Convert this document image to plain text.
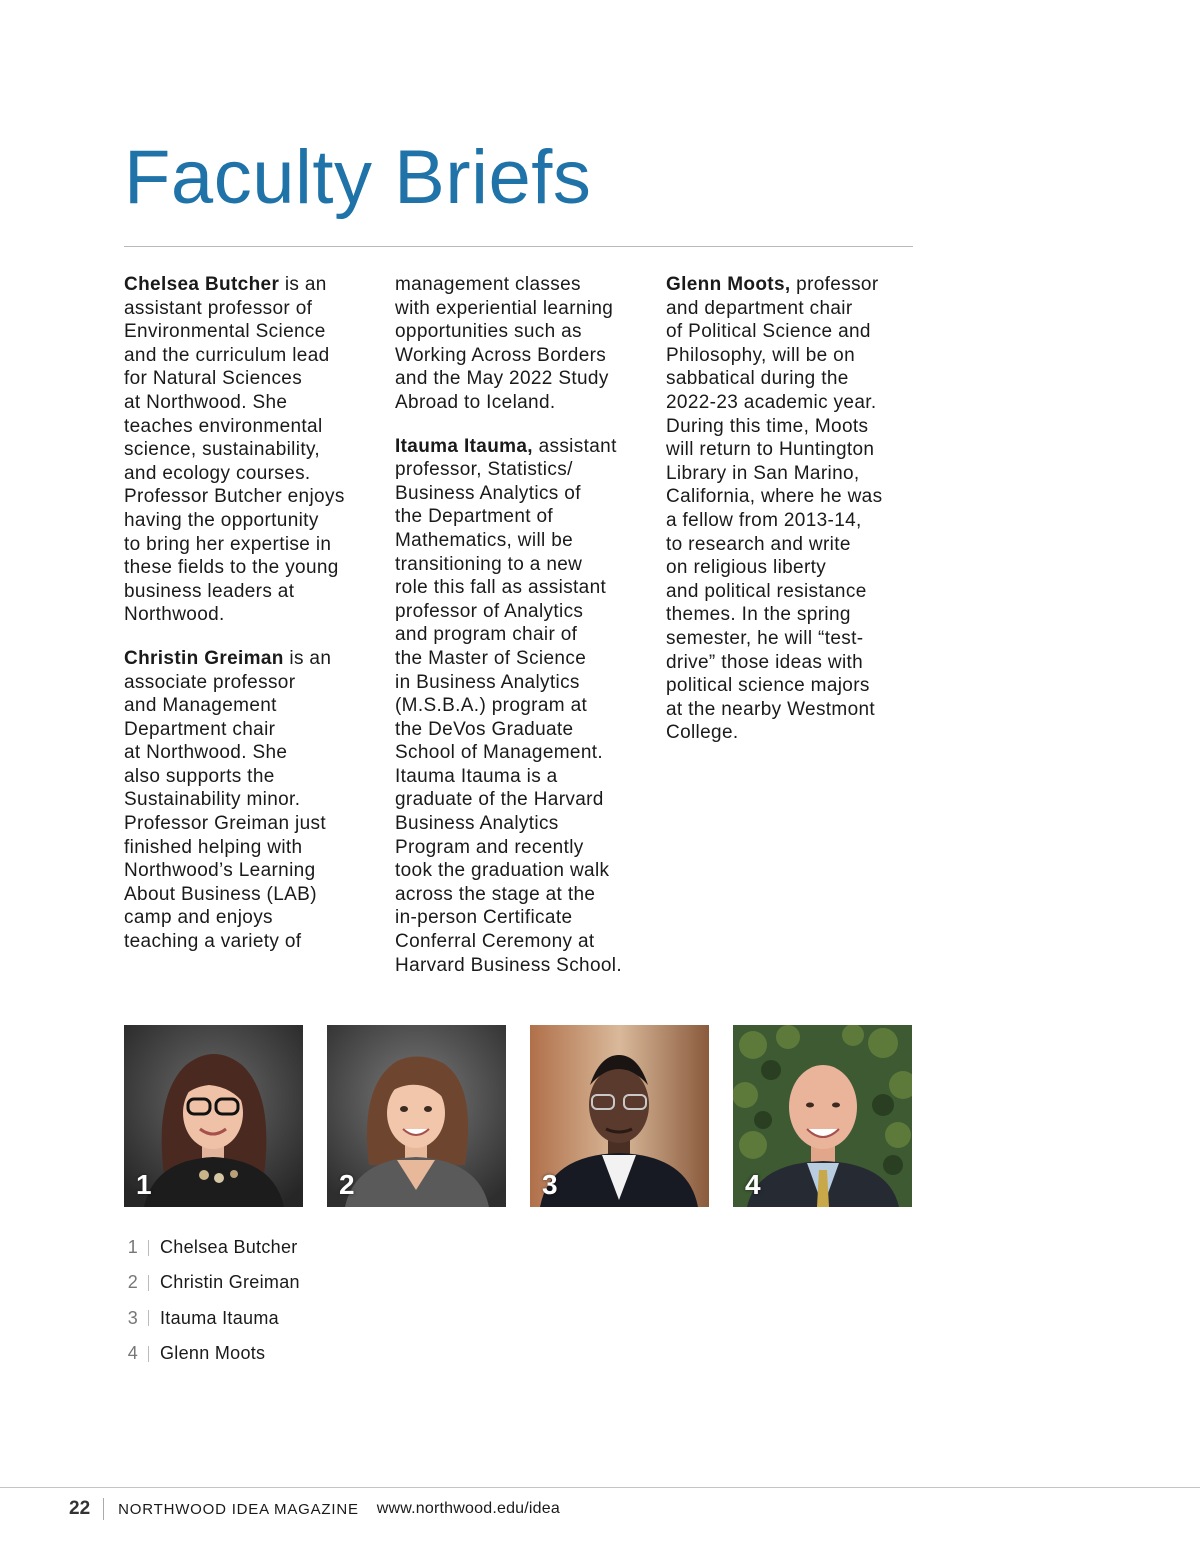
Faculty Briefs

Chelsea Butcher is an
assistant professor of
Environmental Science
and the curriculum lead
for Natural Sciences
at Northwood. She
teaches environmental
science, sustainability,
and ecology courses.
Professor Butcher enjoys
having the opportunity
to bring her expertise in
these fields to the young
business leaders at
Northwood.

Christin Greiman is an
associate professor
and Management
Department chair
at Northwood. She
also supports the
Sustainability minor.
Professor Greiman just
finished helping with
Northwood’s Learning
About Business (LAB)
camp and enjoys
teaching a variety of

management classes
with experiential learning
opportunities such as
Working Across Borders
and the May 2022 Study
Abroad to Iceland.

Itauma Itauma, assistant
professor, Statistics/
Business Analytics of
the Department of
Mathematics, will be
transitioning to a new
role this fall as assistant
professor of Analytics
and program chair of
the Master of Science
in Business Analytics
(M.S.B.A.) program at
the DeVos Graduate
School of Management.
Itauma Itauma is a
graduate of the Harvard
Business Analytics
Program and recently
took the graduation walk
across the stage at the
in-person Certificate
Conferral Ceremony at
Harvard Business School.

Glenn Moots, professor
and department chair
of Political Science and
Philosophy, will be on
sabbatical during the
2022-23 academic year.
During this time, Moots
will return to Huntington
Library in San Marino,
California, where he was
a fellow from 2013-14,
to research and write
on religious liberty
and political resistance
themes. In the spring
semester, he will “test-
drive” those ideas with
political science majors
at the nearby Westmont
College.

1	2	3	4
1 Chelsea Butcher
2 Christin Greiman
3 Itauma Itauma
4 Glenn Moots
22 NORTHWOOD IDEA MAGAZINE www.northwood.edu/idea
